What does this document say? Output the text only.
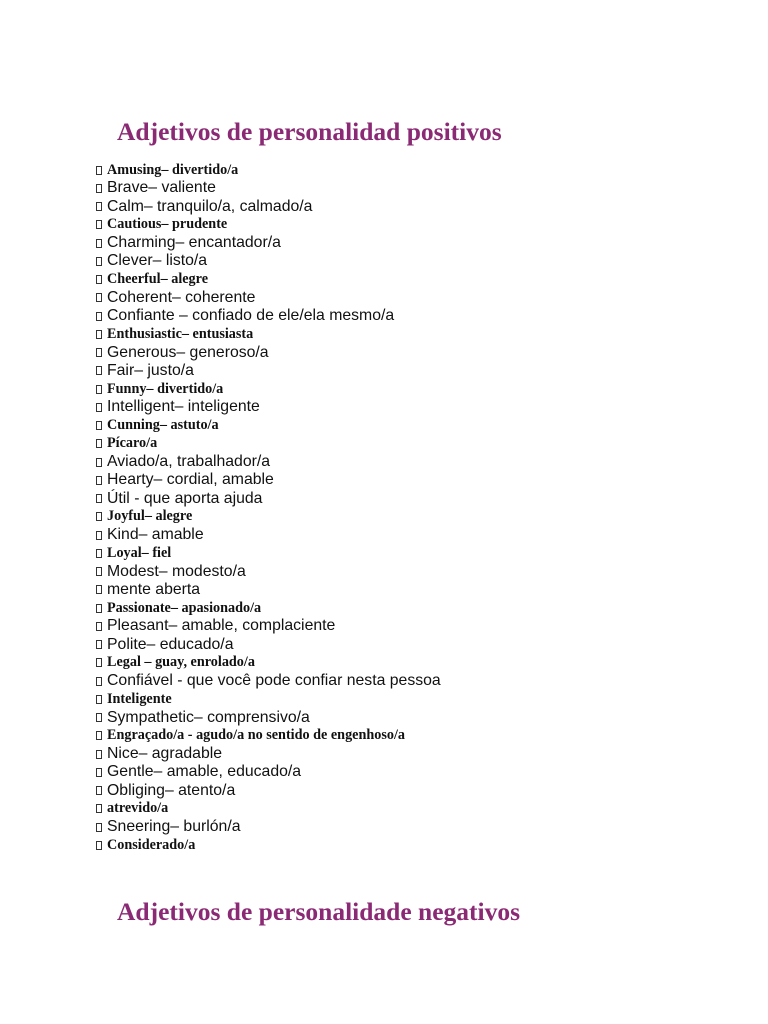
Adjetivos de personalidad positivos
Amusing– divertido/a
Brave– valiente
Calm– tranquilo/a, calmado/a
Cautious– prudente
Charming– encantador/a
Clever– listo/a
Cheerful– alegre
Coherent– coherente
Confiante – confiado de ele/ela mesmo/a
Enthusiastic– entusiasta
Generous– generoso/a
Fair– justo/a
Funny– divertido/a
Intelligent– inteligente
Cunning– astuto/a
Pícaro/a
Aviado/a, trabalhador/a
Hearty– cordial, amable
Útil - que aporta ajuda
Joyful– alegre
Kind– amable
Loyal– fiel
Modest– modesto/a
mente aberta
Passionate– apasionado/a
Pleasant– amable, complaciente
Polite– educado/a
Legal – guay, enrolado/a
Confiável - que você pode confiar nesta pessoa
Inteligente
Sympathetic– comprensivo/a
Engraçado/a - agudo/a no sentido de engenhoso/a
Nice– agradable
Gentle– amable, educado/a
Obliging– atento/a
atrevido/a
Sneering– burlón/a
Considerado/a
Adjetivos de personalidade negativos
